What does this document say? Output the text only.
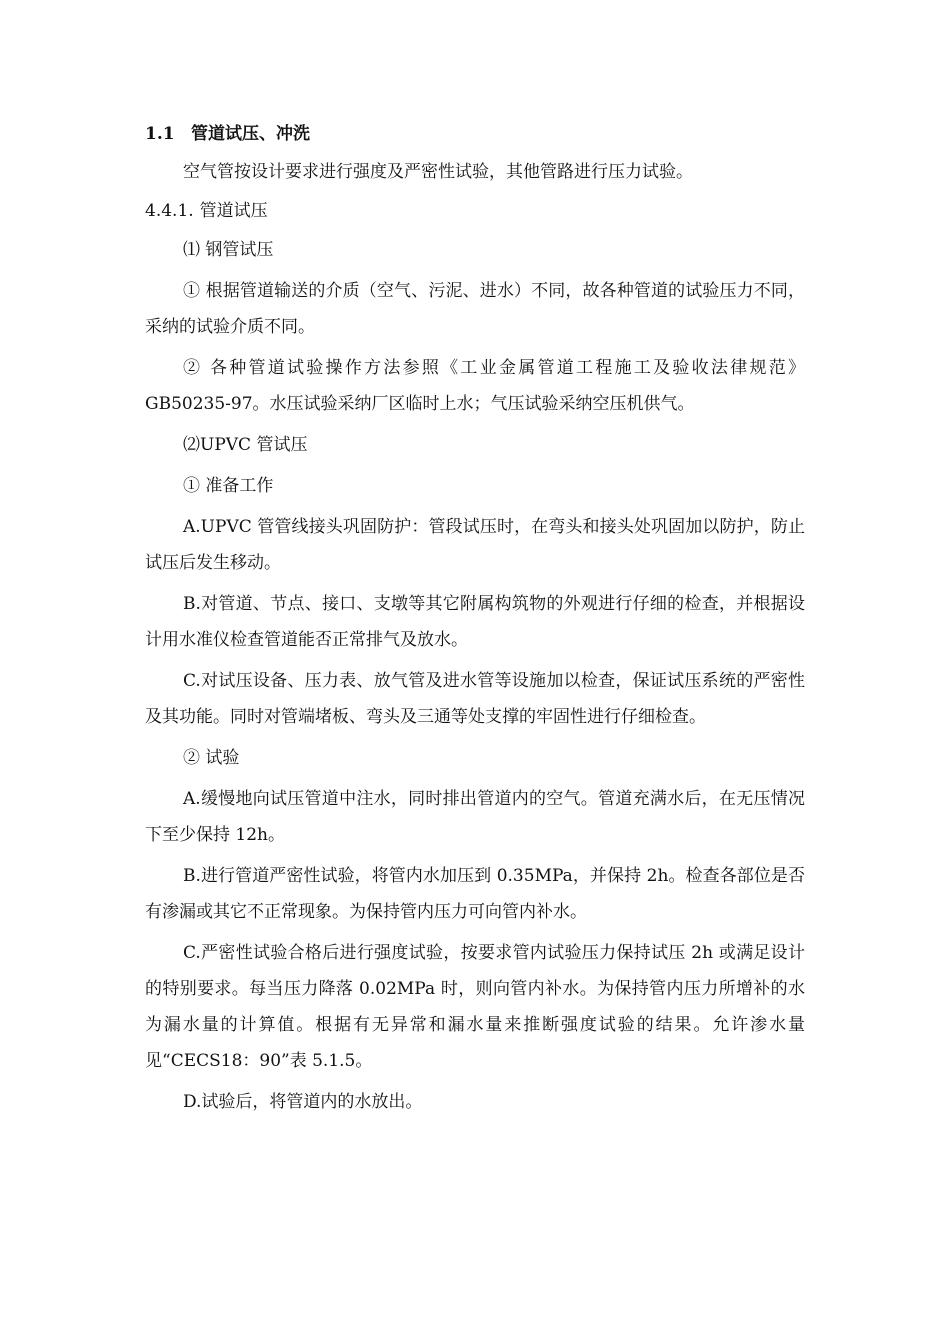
1.1 管道试压、冲洗

空气管按设计要求进行强度及严密性试验，其他管路进行压力试验。

4.4.1. 管道试压

⑴ 钢管试压

① 根据管道输送的介质（空气、污泥、进水）不同，故各种管道的试验压力不同，采纳的试验介质不同。

② 各种管道试验操作方法参照《工业金属管道工程施工及验收法律规范》GB50235-97。水压试验采纳厂区临时上水；气压试验采纳空压机供气。

⑵UPVC 管试压

① 准备工作

A.UPVC 管管线接头巩固防护：管段试压时，在弯头和接头处巩固加以防护，防止试压后发生移动。

B.对管道、节点、接口、支墩等其它附属构筑物的外观进行仔细的检查，并根据设计用水准仪检查管道能否正常排气及放水。

C.对试压设备、压力表、放气管及进水管等设施加以检查，保证试压系统的严密性及其功能。同时对管端堵板、弯头及三通等处支撑的牢固性进行仔细检查。

② 试验

A.缓慢地向试压管道中注水，同时排出管道内的空气。管道充满水后，在无压情况下至少保持 12h。

B.进行管道严密性试验，将管内水加压到 0.35MPa，并保持 2h。检查各部位是否有渗漏或其它不正常现象。为保持管内压力可向管内补水。

C.严密性试验合格后进行强度试验，按要求管内试验压力保持试压 2h 或满足设计的特别要求。每当压力降落 0.02MPa 时，则向管内补水。为保持管内压力所增补的水为漏水量的计算值。根据有无异常和漏水量来推断强度试验的结果。允许渗水量见“CECS18：90”表 5.1.5。

D.试验后，将管道内的水放出。
